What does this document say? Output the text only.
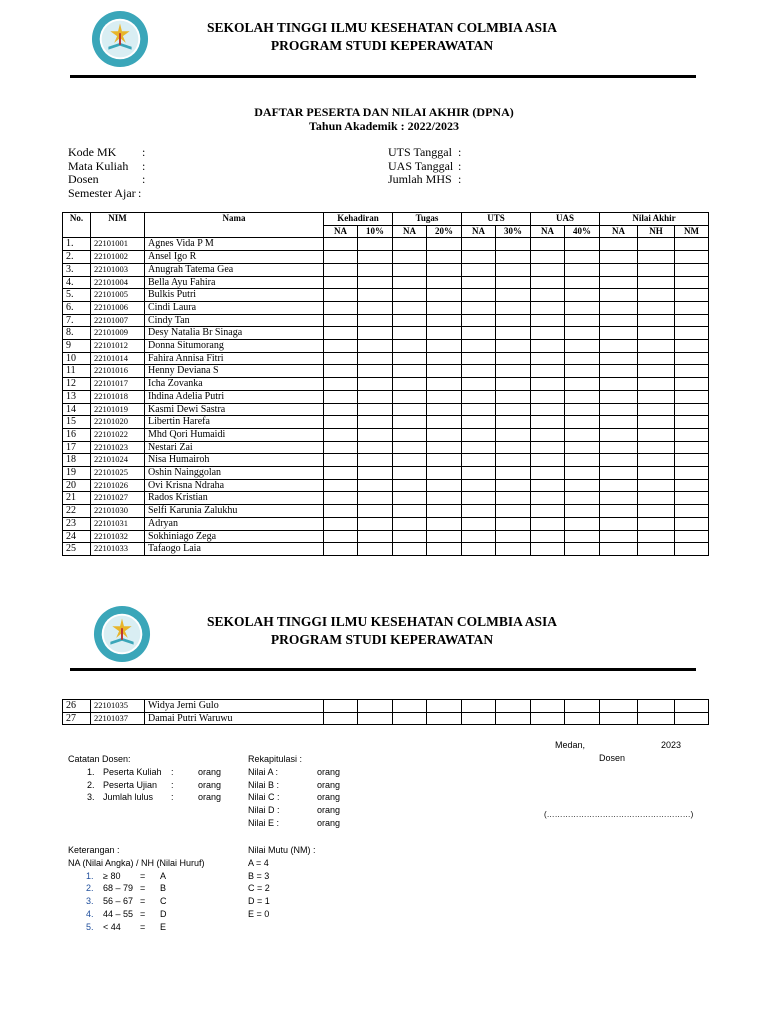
SEKOLAH TINGGI ILMU KESEHATAN COLMBIA ASIA
PROGRAM STUDI KEPERAWATAN
DAFTAR PESERTA DAN NILAI AKHIR (DPNA)
Tahun Akademik : 2022/2023
Kode MK :
Mata Kuliah :
Dosen	:
Semester Ajar :
UTS Tanggal :
UAS Tanggal :
Jumlah MHS :
No.	NIM	Nama	Kehadiran		Tugas		UTS		UAS		Nilai Akhir		
			NA	10%	NA	20%	NA	30%	NA	40%	NA	NH	NM
1.	22101001	Agnes Vida P M											
2.	22101002	Ansel Igo R											
3.	22101003	Anugrah Tatema Gea											
4.	22101004	Bella Ayu Fahira											
5.	22101005	Bulkis Putri											
6.	22101006	Cindi Laura											
7.	22101007	Cindy Tan											
8.	22101009	Desy Natalia Br Sinaga											
9	22101012	Donna Situmorang											
10	22101014	Fahira Annisa Fitri											
11	22101016	Henny Deviana S											
12	22101017	Icha Zovanka											
13	22101018	Ihdina Adelia Putri											
14	22101019	Kasmi Dewi Sastra											
15	22101020	Libertin Harefa											
16	22101022	Mhd Qori Humaidi											
17	22101023	Nestari Zai											
18	22101024	Nisa Humairoh											
19	22101025	Oshin Nainggolan											
20	22101026	Ovi Krisna Ndraha											
21	22101027	Rados Kristian											
22	22101030	Selfi Karunia Zalukhu											
23	22101031	Adryan											
24	22101032	Sokhiniago Zega											
25	22101033	Tafaogo Laia											
SEKOLAH TINGGI ILMU KESEHATAN COLMBIA ASIA
PROGRAM STUDI KEPERAWATAN
26	22101035	Widya Jerni Gulo											
27	22101037	Damai Putri Waruwu											
Medan,	2023
Dosen
(………………………………………………)
Catatan Dosen:
1. Peserta Kuliah :	orang
2. Peserta Ujian :	orang
3. Jumlah lulus :	orang
Rekapitulasi :
Nilai A :	orang
Nilai B :	orang
Nilai C :	orang
Nilai D :	orang
Nilai E :	orang
Keterangan :
NA (Nilai Angka) / NH (Nilai Huruf)
1. ≥ 80 = A
2. 68 – 79 = B
3. 56 – 67 = C
4. 44 – 55 = D
5. < 44 = E
Nilai Mutu (NM) :
A = 4
B = 3
C = 2
D = 1
E = 0
